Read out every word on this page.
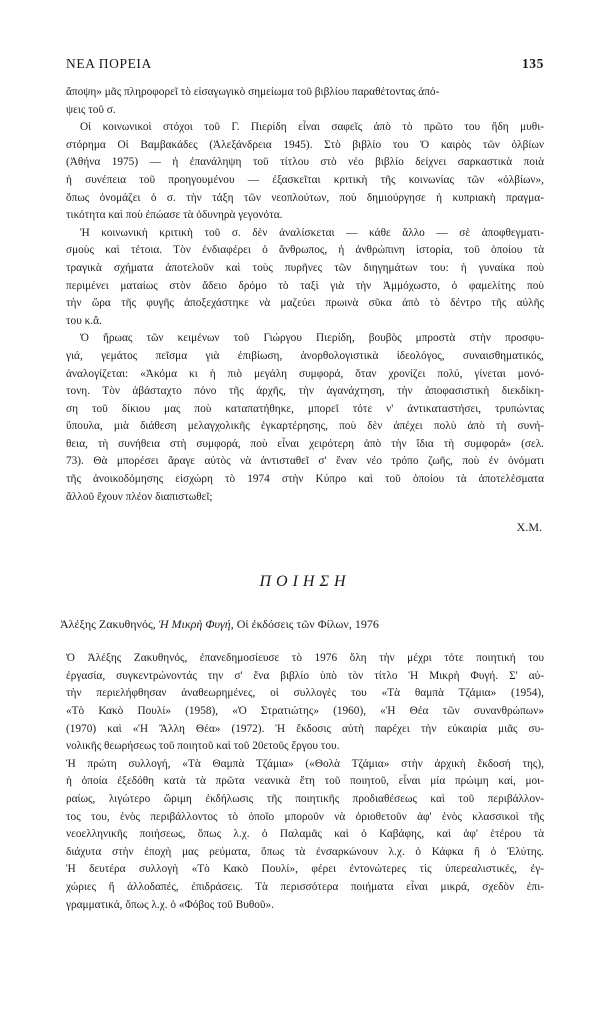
ΝΕΑ ΠΟΡΕΙΑ	135
ἄποψη» μᾶς πληροφορεῖ τὸ εἰσαγωγικὸ σημείωμα τοῦ βιβλίου παραθέτοντας ἀπό-
ψεις τοῦ σ.
Οἱ κοινωνικοὶ στόχοι τοῦ Γ. Πιερίδη εἶναι σαφεῖς ἀπὸ τὸ πρῶτο του ἤδη μυθι-
στόρημα Οἱ Βαμβακάδες (Ἀλεξάνδρεια 1945). Στὸ βιβλίο του Ὁ καιρὸς τῶν ὀλβίων
(Ἀθήνα 1975) — ἡ ἐπανάληψη τοῦ τίτλου στὸ νέο βιβλίο δείχνει σαρκαστικὰ ποιὰ
ἡ συνέπεια τοῦ προηγουμένου — ἐξασκεῖται κριτικὴ τῆς κοινωνίας τῶν «ὀλβίων»,
ὅπως ὀνομάζει ὁ σ. τὴν τάξη τῶν νεοπλούτων, ποὺ δημιούργησε ἡ κυπριακὴ πραγμα-
τικότητα καὶ ποὺ ἐπώασε τὰ ὀδυνηρὰ γεγονότα.
Ἡ κοινωνικὴ κριτικὴ τοῦ σ. δὲν ἀναλίσκεται — κάθε ἄλλο — σὲ ἀποφθεγματι-
σμοὺς καὶ τέτοια. Τὸν ἐνδιαφέρει ὁ ἄνθρωπος, ἡ ἀνθρώπινη ἱστορία, τοῦ ὁποίου τὰ
τραγικὰ σχήματα ἀποτελοῦν καὶ τοὺς πυρῆνες τῶν διηγημάτων του: ἡ γυναίκα ποὺ
περιμένει ματαίως στὸν ἄδειο δρόμο τὸ ταξὶ γιὰ τὴν Ἀμμόχωστο, ὁ φαμελίτης ποὺ
τὴν ὥρα τῆς φυγῆς ἀποξεχάστηκε νὰ μαζεύει πρωινὰ σῦκα ἀπὸ τὸ δέντρο τῆς αὐλῆς
του κ.ἄ.
Ὁ ἥρωας τῶν κειμένων τοῦ Γιώργου Πιερίδη, βουβὸς μπροστὰ στὴν προσφυ-
γιά, γεμάτος πεῖσμα γιὰ ἐπιβίωση, ἀνορθολογιστικὰ ἰδεολόγος, συναισθηματικός,
ἀναλογίζεται: «Ἀκόμα κι ἡ πιὸ μεγάλη συμφορά, ὅταν χρονίζει πολύ, γίνεται μονό-
τονη. Τὸν ἀβάσταχτο πόνο τῆς ἀρχῆς, τὴν ἀγανάχτηση, τὴν ἀποφασιστικὴ διεκδίκη-
ση τοῦ δίκιου μας ποὺ καταπατήθηκε, μπορεῖ τότε ν' ἀντικαταστήσει, τρυπώντας
ὕπουλα, μιὰ διάθεση μελαγχολικῆς ἐγκαρτέρησης, ποὺ δὲν ἀπέχει πολὺ ἀπὸ τὴ συνή-
θεια, τὴ συνήθεια στὴ συμφορά, ποὺ εἶναι χειρότερη ἀπὸ τὴν ἴδια τὴ συμφορά» (σελ.
73). Θὰ μπορέσει ἄραγε αὐτὸς νὰ ἀντισταθεῖ σ' ἕναν νέο τρόπο ζωῆς, ποὺ ἐν ὀνόματι
τῆς ἀνοικοδόμησης εἰσχώρη τὸ 1974 στὴν Κύπρο καὶ τοῦ ὁποίου τὰ ἀποτελέσματα
ἄλλοῦ ἔχουν πλέον διαπιστωθεῖ;
Χ.Μ.
ΠΟΙΗΣΗ
Ἀλέξης Ζακυθηνός, Ἡ Μικρὴ Φυγή, Οἱ ἐκδόσεις τῶν Φίλων, 1976
Ὁ Ἀλέξης Ζακυθηνός, ἐπανεδημοσίευσε τὸ 1976 ὅλη τὴν μέχρι τότε ποιητική του
ἐργασία, συγκεντρώνοντάς την σ' ἕνα βιβλίο ὑπὸ τὸν τίτλο Ἡ Μικρὴ Φυγή. Σ' αὐ-
τὴν περιελήφθησαν ἀναθεωρημένες, οἱ συλλογὲς του «Τὰ θαμπὰ Τζάμια» (1954),
«Τὸ Κακὸ Πουλί» (1958), «Ὁ Στρατιώτης» (1960), «Ἡ Θέα τῶν συνανθρώπων»
(1970) καὶ «Ἡ Ἄλλη Θέα» (1972). Ἡ ἔκδοσις αὐτὴ παρέχει τὴν εὐκαιρία μιᾶς συ-
νολικῆς θεωρήσεως τοῦ ποιητοῦ καὶ τοῦ 20ετοῦς ἔργου του.
Ἡ πρώτη συλλογή, «Τὰ Θαμπὰ Τζάμια» («Θολὰ Τζάμια» στὴν ἀρχικὴ ἔκδοσή της),
ἡ ὁποία ἐξεδόθη κατὰ τὰ πρῶτα νεανικὰ ἔτη τοῦ ποιητοῦ, εἶναι μία πρώιμη καί, μοι-
ραίως, λιγώτερο ὥριμη ἐκδήλωσις τῆς ποιητικῆς προδιαθέσεως καὶ τοῦ περιβάλλον-
τος του, ἑνὸς περιβάλλοντος τὸ ὁποῖο μποροῦν νὰ ὁριοθετοῦν ἀφ' ἑνὸς κλασσικοὶ τῆς
νεοελληνικῆς ποιήσεως, ὅπως λ.χ. ὁ Παλαμᾶς καὶ ὁ Καβάφης, καὶ ἀφ' ἑτέρου τὰ
διάχυτα στὴν ἐποχὴ μας ρεύματα, ὅπως τὰ ἐνσαρκώνουν λ.χ. ὁ Κάφκα ἢ ὁ Ἐλύτης.
Ἡ δευτέρα συλλογὴ «Τὸ Κακὸ Πουλί», φέρει ἐντονώτερες τὶς ὑπερεαλιστικές, ἐγ-
χώριες ἢ ἀλλοδαπές, ἐπιδράσεις. Τὰ περισσότερα ποιήματα εἶναι μικρά, σχεδὸν ἐπι-
γραμματικά, ὅπως λ.χ. ὁ «Φόβος τοῦ Βυθοῦ».
